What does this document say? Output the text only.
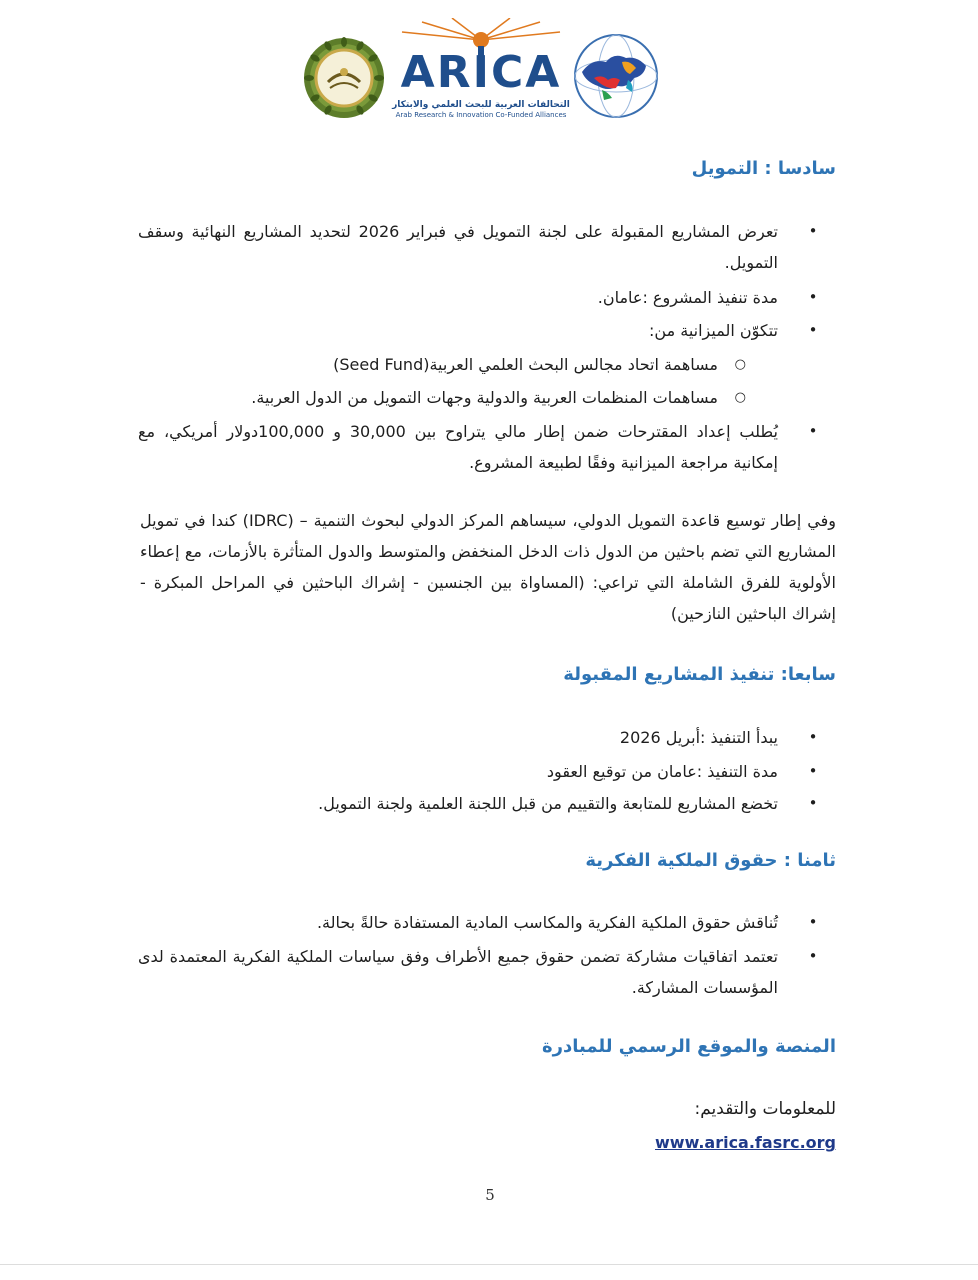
ARICA
التحالفات العربية للبحث العلمي والابتكار
Arab Research & Innovation Co-Funded Alliances
سادسا : التمويل
•
تعرض المشاريع المقبولة على لجنة التمويل في فبراير 2026 لتحديد المشاريع النهائية وسقف التمويل.
•
مدة تنفيذ المشروع :عامان.
•
تتكوّن الميزانية من:
○
مساهمة اتحاد مجالس البحث العلمي العربية(Seed Fund)
○
مساهمات المنظمات العربية والدولية وجهات التمويل من الدول العربية.
•
يُطلب إعداد المقترحات ضمن إطار مالي يتراوح بين 30,000 و 100,000دولار أمريكي، مع إمكانية مراجعة الميزانية وفقًا لطبيعة المشروع.
وفي إطار توسيع قاعدة التمويل الدولي، سيساهم المركز الدولي لبحوث التنمية – (IDRC) كندا في تمويل المشاريع التي تضم باحثين من الدول ذات الدخل المنخفض والمتوسط والدول المتأثرة بالأزمات، مع إعطاء الأولوية للفرق الشاملة التي تراعي: (المساواة بين الجنسين - إشراك الباحثين في المراحل المبكرة - إشراك الباحثين النازحين)
سابعا: تنفيذ المشاريع المقبولة
•
يبدأ التنفيذ :أبريل 2026
•
مدة التنفيذ :عامان من توقيع العقود
•
تخضع المشاريع للمتابعة والتقييم من قبل اللجنة العلمية ولجنة التمويل.
ثامنا : حقوق الملكية الفكرية
•
تُناقش حقوق الملكية الفكرية والمكاسب المادية المستفادة حالةً بحالة.
•
تعتمد اتفاقيات مشاركة تضمن حقوق جميع الأطراف وفق سياسات الملكية الفكرية المعتمدة لدى المؤسسات المشاركة.
المنصة والموقع الرسمي للمبادرة
للمعلومات والتقديم:
www.arica.fasrc.org
5
